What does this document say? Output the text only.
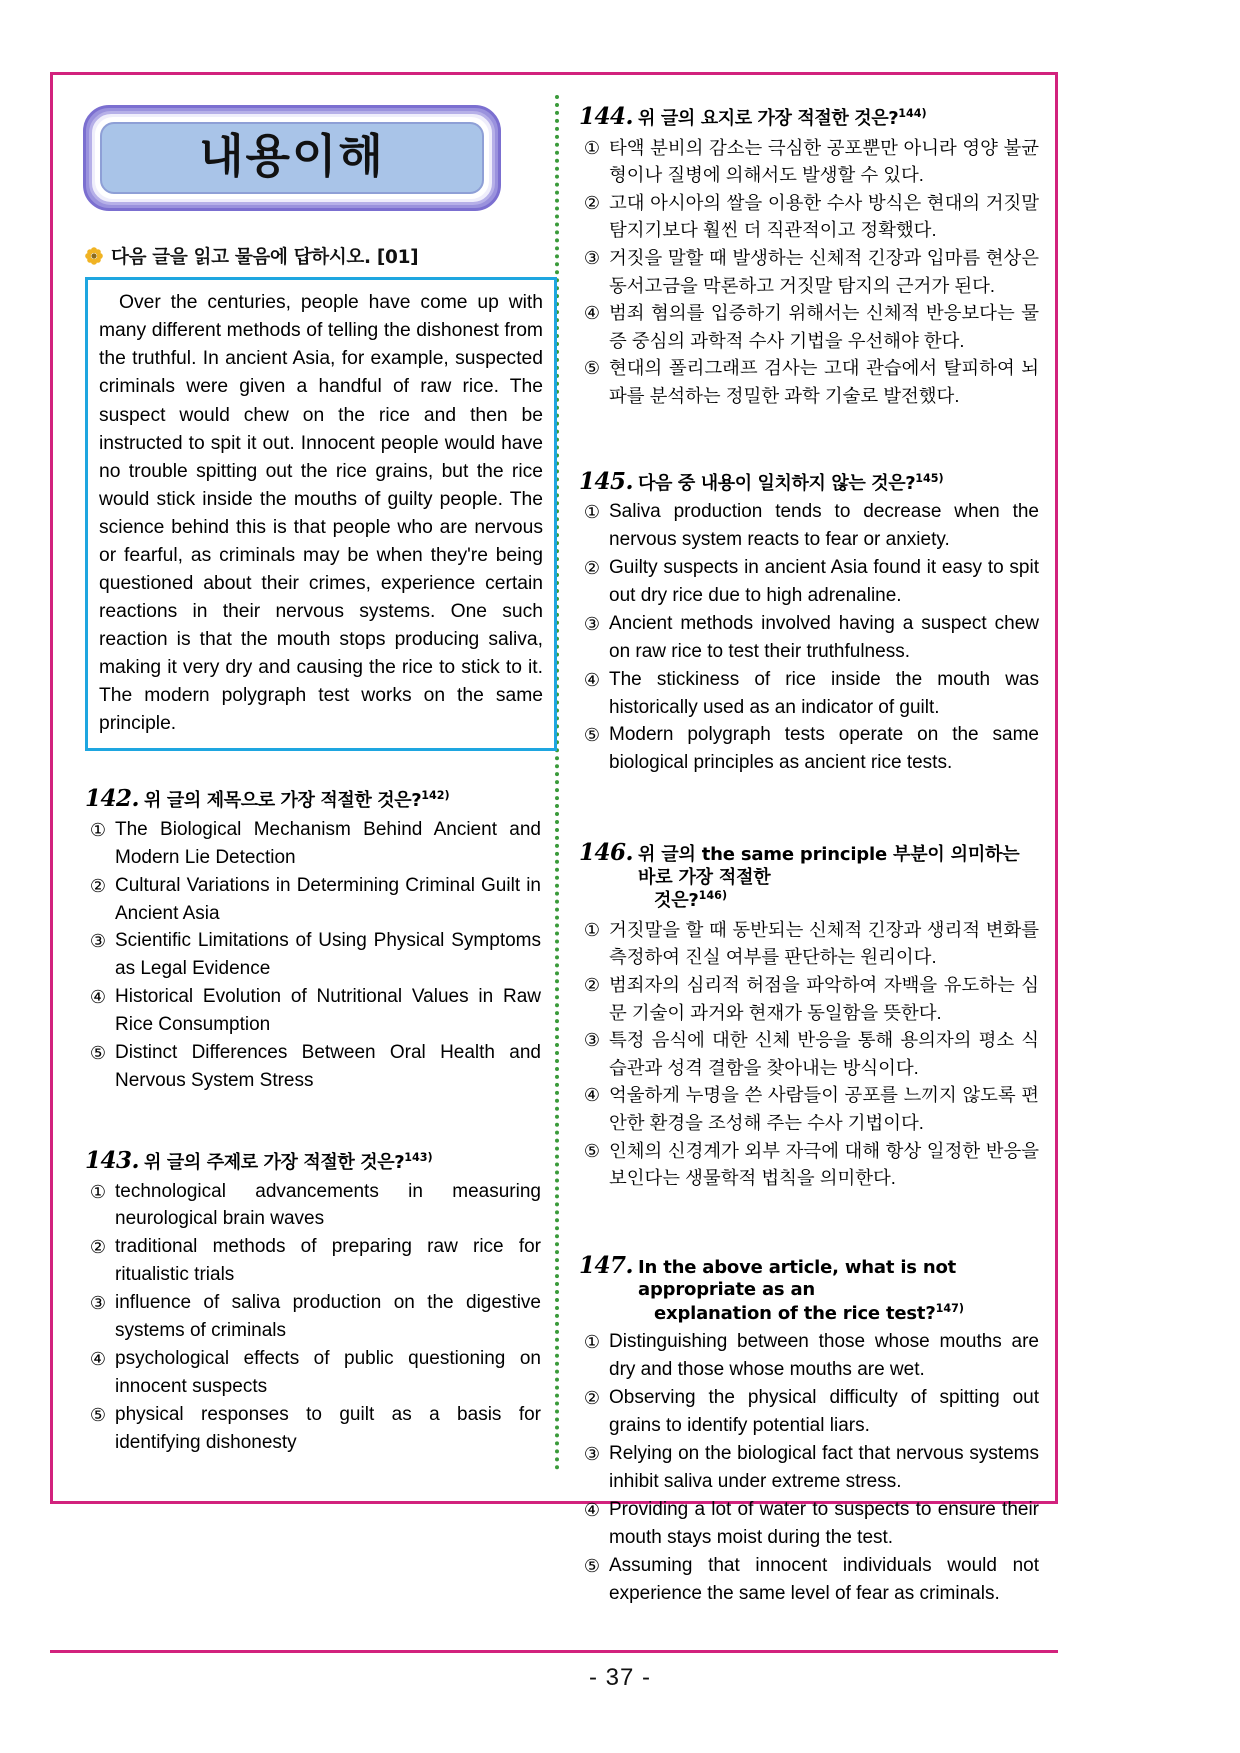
내용이해
다음 글을 읽고 물음에 답하시오. [01]
Over the centuries, people have come up with many different methods of telling the dishonest from the truthful. In ancient Asia, for example, suspected criminals were given a handful of raw rice. The suspect would chew on the rice and then be instructed to spit it out. Innocent people would have no trouble spitting out the rice grains, but the rice would stick inside the mouths of guilty people. The science behind this is that people who are nervous or fearful, as criminals may be when they're being questioned about their crimes, experience certain reactions in their nervous systems. One such reaction is that the mouth stops producing saliva, making it very dry and causing the rice to stick to it. The modern polygraph test works on the same principle.
142. 위 글의 제목으로 가장 적절한 것은?$^{142)}$
① The Biological Mechanism Behind Ancient and Modern Lie Detection
② Cultural Variations in Determining Criminal Guilt in Ancient Asia
③ Scientific Limitations of Using Physical Symptoms as Legal Evidence
④ Historical Evolution of Nutritional Values in Raw Rice Consumption
⑤ Distinct Differences Between Oral Health and Nervous System Stress
143. 위 글의 주제로 가장 적절한 것은?$^{143)}$
① technological advancements in measuring neurological brain waves
② traditional methods of preparing raw rice for ritualistic trials
③ influence of saliva production on the digestive systems of criminals
④ psychological effects of public questioning on innocent suspects
⑤ physical responses to guilt as a basis for identifying dishonesty
144. 위 글의 요지로 가장 적절한 것은?$^{144)}$
① 타액 분비의 감소는 극심한 공포뿐만 아니라 영양 불균형이나 질병에 의해서도 발생할 수 있다.
② 고대 아시아의 쌀을 이용한 수사 방식은 현대의 거짓말 탐지기보다 훨씬 더 직관적이고 정확했다.
③ 거짓을 말할 때 발생하는 신체적 긴장과 입마름 현상은 동서고금을 막론하고 거짓말 탐지의 근거가 된다.
④ 범죄 혐의를 입증하기 위해서는 신체적 반응보다는 물증 중심의 과학적 수사 기법을 우선해야 한다.
⑤ 현대의 폴리그래프 검사는 고대 관습에서 탈피하여 뇌파를 분석하는 정밀한 과학 기술로 발전했다.
145. 다음 중 내용이 일치하지 않는 것은?$^{145)}$
① Saliva production tends to decrease when the nervous system reacts to fear or anxiety.
② Guilty suspects in ancient Asia found it easy to spit out dry rice due to high adrenaline.
③ Ancient methods involved having a suspect chew on raw rice to test their truthfulness.
④ The stickiness of rice inside the mouth was historically used as an indicator of guilt.
⑤ Modern polygraph tests operate on the same biological principles as ancient rice tests.
146. 위 글의 the same principle 부분이 의미하는 바로 가장 적절한
것은?$^{146)}$
① 거짓말을 할 때 동반되는 신체적 긴장과 생리적 변화를 측정하여 진실 여부를 판단하는 원리이다.
② 범죄자의 심리적 허점을 파악하여 자백을 유도하는 심문 기술이 과거와 현재가 동일함을 뜻한다.
③ 특정 음식에 대한 신체 반응을 통해 용의자의 평소 식습관과 성격 결함을 찾아내는 방식이다.
④ 억울하게 누명을 쓴 사람들이 공포를 느끼지 않도록 편안한 환경을 조성해 주는 수사 기법이다.
⑤ 인체의 신경계가 외부 자극에 대해 항상 일정한 반응을 보인다는 생물학적 법칙을 의미한다.
147. In the above article, what is not appropriate as an
explanation of the rice test?$^{147)}$
① Distinguishing between those whose mouths are dry and those whose mouths are wet.
② Observing the physical difficulty of spitting out grains to identify potential liars.
③ Relying on the biological fact that nervous systems inhibit saliva under extreme stress.
④ Providing a lot of water to suspects to ensure their mouth stays moist during the test.
⑤ Assuming that innocent individuals would not experience the same level of fear as criminals.
- 37 -
